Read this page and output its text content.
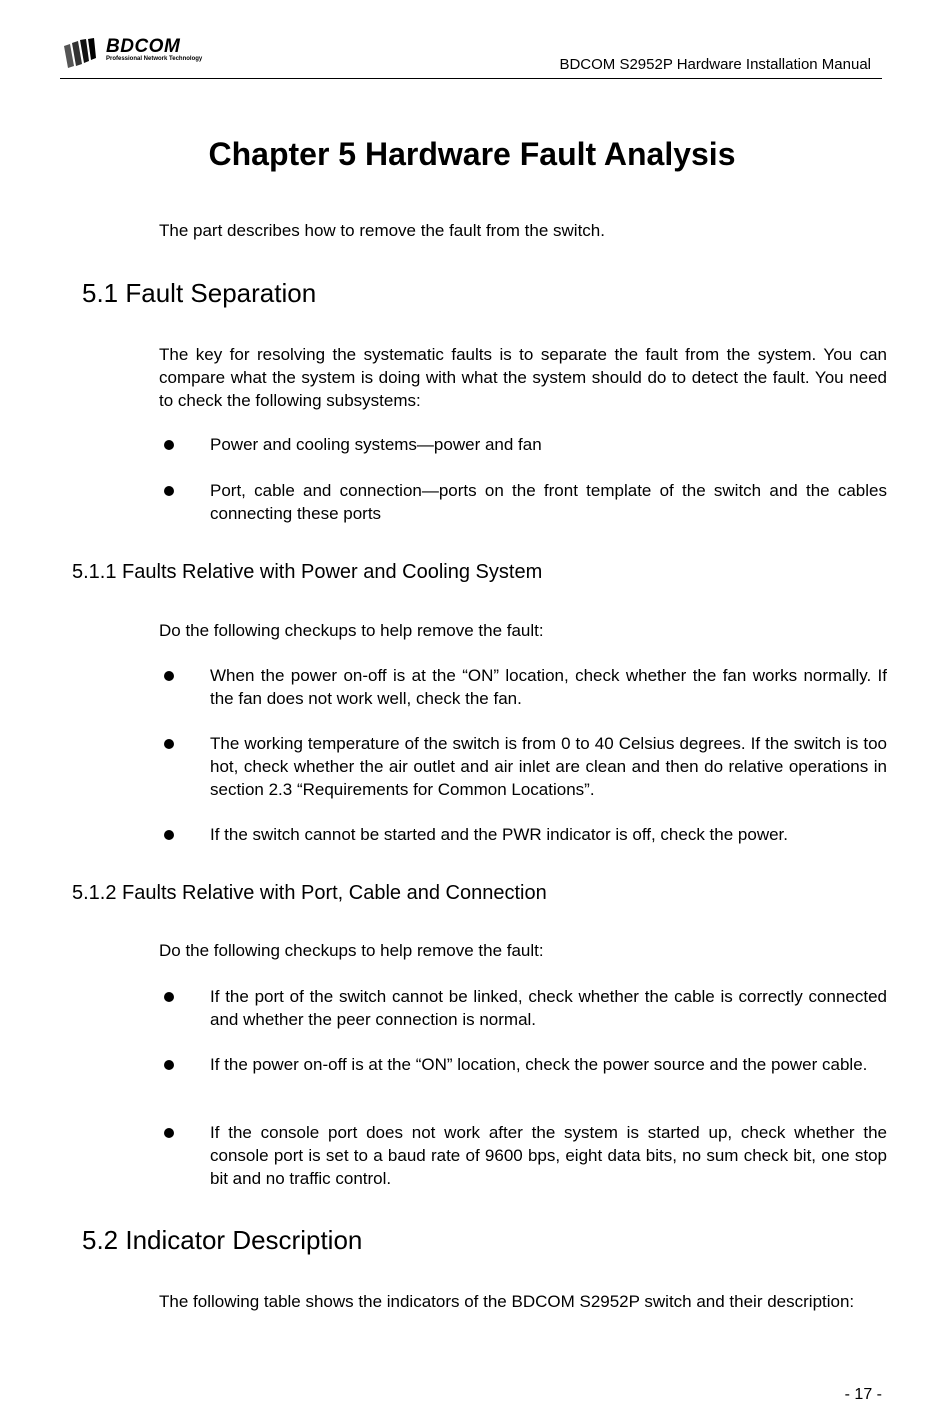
BDCOM
Professional Network Technology	BDCOM S2952P Hardware Installation Manual
Chapter 5 Hardware Fault Analysis
The part describes how to remove the fault from the switch.
5.1 Fault Separation
The key for resolving the systematic faults is to separate the fault from the system. You can compare what the system is doing with what the system should do to detect the fault. You need to check the following subsystems:
Power and cooling systems—power and fan
Port, cable and connection—ports on the front template of the switch and the cables connecting these ports
5.1.1 Faults Relative with Power and Cooling System
Do the following checkups to help remove the fault:
When the power on-off is at the “ON” location, check whether the fan works normally. If the fan does not work well, check the fan.
The working temperature of the switch is from 0 to 40 Celsius degrees. If the switch is too hot, check whether the air outlet and air inlet are clean and then do relative operations in section 2.3 “Requirements for Common Locations”.
If the switch cannot be started and the PWR indicator is off, check the power.
5.1.2 Faults Relative with Port, Cable and Connection
Do the following checkups to help remove the fault:
If the port of the switch cannot be linked, check whether the cable is correctly connected and whether the peer connection is normal.
If the power on-off is at the “ON” location, check the power source and the power cable.
If the console port does not work after the system is started up, check whether the console port is set to a baud rate of 9600 bps, eight data bits, no sum check bit, one stop bit and no traffic control.
5.2 Indicator Description
The following table shows the indicators of the BDCOM S2952P switch and their description:
- 17 -
